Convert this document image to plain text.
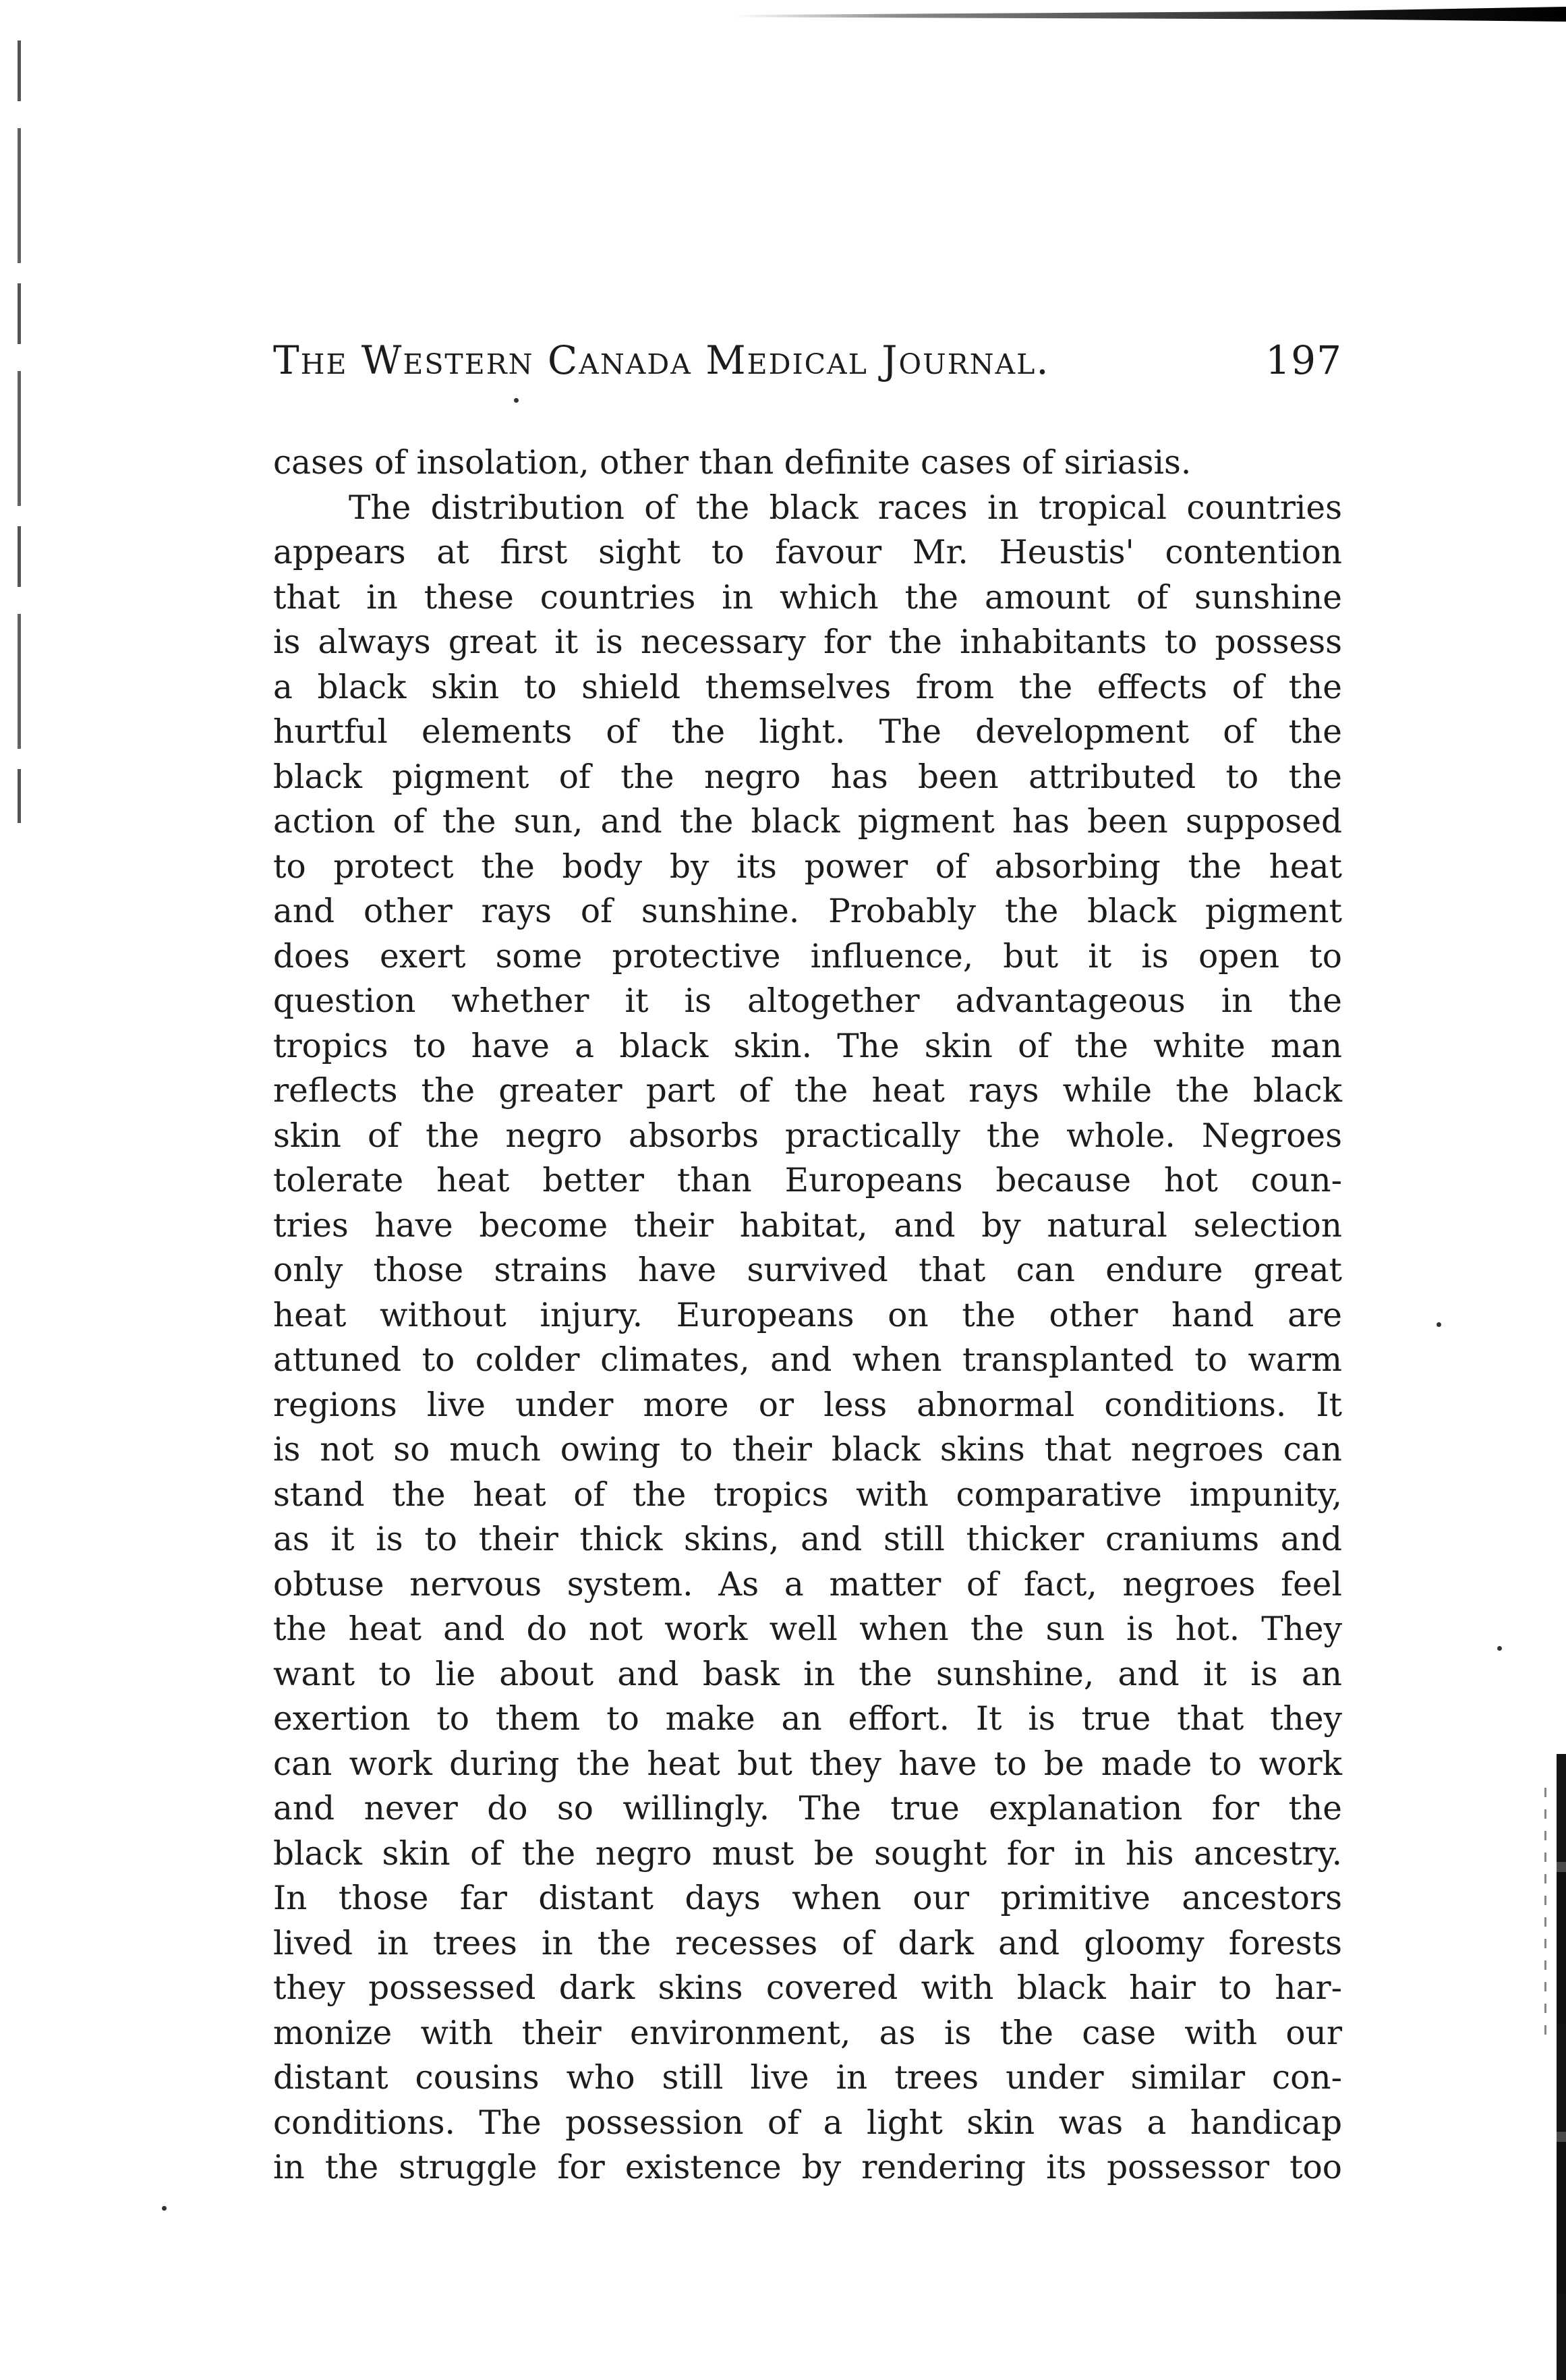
The Western Canada Medical Journal.	197
cases of insolation, other than definite cases of siriasis.
The distribution of the black races in tropical countries
appears at first sight to favour Mr. Heustis' contention
that in these countries in which the amount of sunshine
is always great it is necessary for the inhabitants to possess
a black skin to shield themselves from the effects of the
hurtful elements of the light. The development of the
black pigment of the negro has been attributed to the
action of the sun, and the black pigment has been supposed
to protect the body by its power of absorbing the heat
and other rays of sunshine. Probably the black pigment
does exert some protective influence, but it is open to
question whether it is altogether advantageous in the
tropics to have a black skin. The skin of the white man
reflects the greater part of the heat rays while the black
skin of the negro absorbs practically the whole. Negroes
tolerate heat better than Europeans because hot coun-
tries have become their habitat, and by natural selection
only those strains have survived that can endure great
heat without injury. Europeans on the other hand are
attuned to colder climates, and when transplanted to warm
regions live under more or less abnormal conditions. It
is not so much owing to their black skins that negroes can
stand the heat of the tropics with comparative impunity,
as it is to their thick skins, and still thicker craniums and
obtuse nervous system. As a matter of fact, negroes feel
the heat and do not work well when the sun is hot. They
want to lie about and bask in the sunshine, and it is an
exertion to them to make an effort. It is true that they
can work during the heat but they have to be made to work
and never do so willingly. The true explanation for the
black skin of the negro must be sought for in his ancestry.
In those far distant days when our primitive ancestors
lived in trees in the recesses of dark and gloomy forests
they possessed dark skins covered with black hair to har-
monize with their environment, as is the case with our
distant cousins who still live in trees under similar con-
conditions. The possession of a light skin was a handicap
in the struggle for existence by rendering its possessor too
